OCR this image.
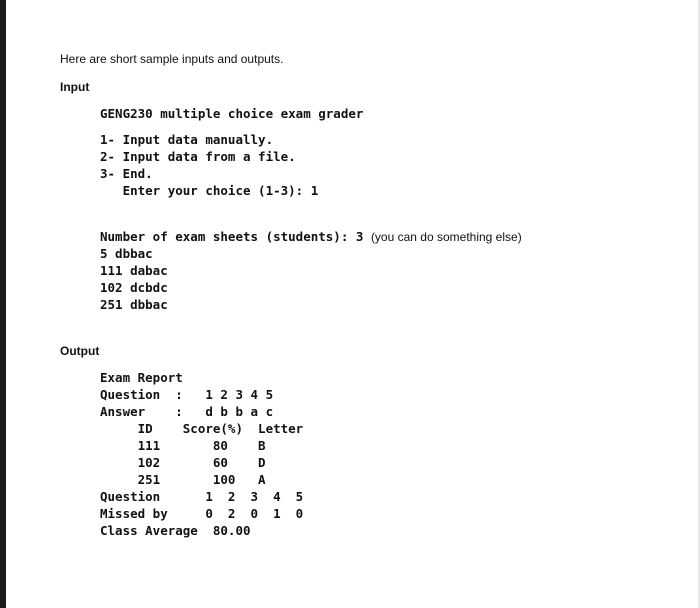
Here are short sample inputs and outputs.
Input
GENG230 multiple choice exam grader
1- Input data manually.
2- Input data from a file.
3- End.
Enter your choice (1-3): 1
Number of exam sheets (students): 3 (you can do something else)
5 dbbac
111 dabac
102 dcbdc
251 dbbac
Output
Exam Report
Question  :   1 2 3 4 5
Answer    :   d b b a c
ID    Score(%)  Letter
111       80    B
102       60    D
251       100   A
Question      1  2  3  4  5
Missed by     0  2  0  1  0
Class Average  80.00
